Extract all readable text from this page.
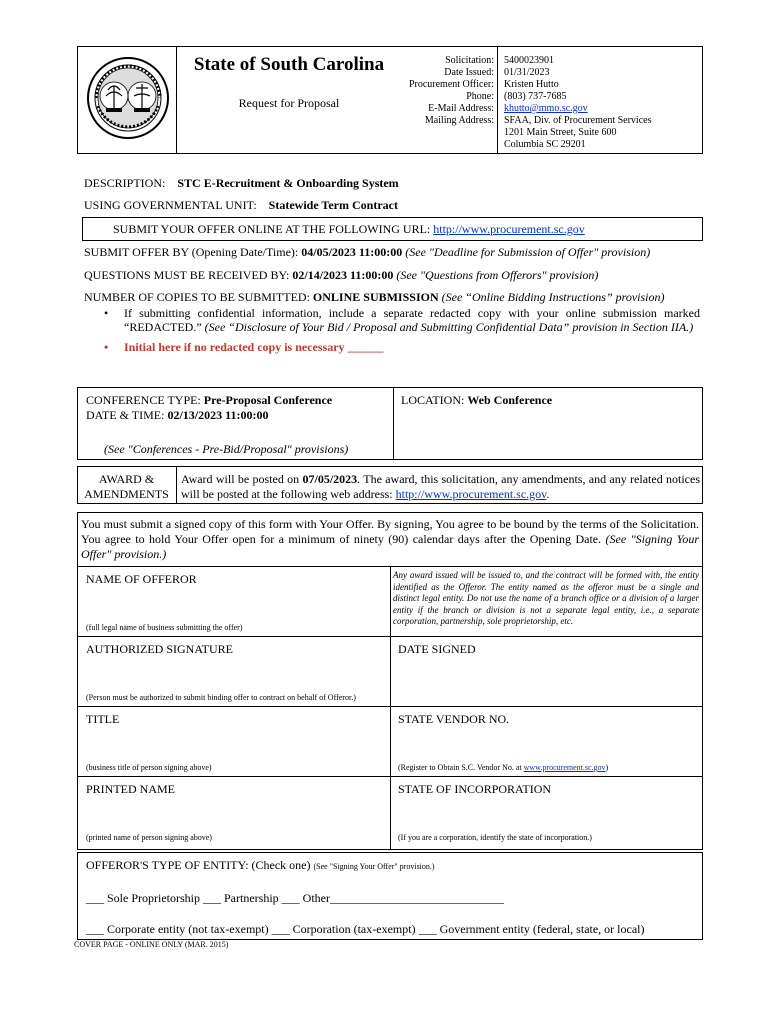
State of South Carolina
Request for Proposal
Solicitation:
Date Issued:
Procurement Officer:
Phone:
E-Mail Address:
Mailing Address:
5400023901
01/31/2023
Kristen Hutto
(803) 737-7685
khutto@mmo.sc.gov
SFAA, Div. of Procurement Services
1201 Main Street, Suite 600
Columbia SC 29201
DESCRIPTION: STC E-Recruitment & Onboarding System
USING GOVERNMENTAL UNIT: Statewide Term Contract
SUBMIT YOUR OFFER ONLINE AT THE FOLLOWING URL: http://www.procurement.sc.gov
SUBMIT OFFER BY (Opening Date/Time): 04/05/2023 11:00:00 (See "Deadline for Submission of Offer" provision)
QUESTIONS MUST BE RECEIVED BY: 02/14/2023 11:00:00 (See "Questions from Offerors" provision)
NUMBER OF COPIES TO BE SUBMITTED: ONLINE SUBMISSION (See “Online Bidding Instructions” provision)
• If submitting confidential information, include a separate redacted copy with your online submission marked “REDACTED.” (See “Disclosure of Your Bid / Proposal and Submitting Confidential Data” provision in Section IIA.)
• Initial here if no redacted copy is necessary ______
CONFERENCE TYPE: Pre-Proposal Conference
DATE & TIME: 02/13/2023 11:00:00
(See "Conferences - Pre-Bid/Proposal" provisions)
LOCATION: Web Conference
AWARD &
AMENDMENTS
Award will be posted on 07/05/2023. The award, this solicitation, any amendments, and any related notices will be posted at the following web address: http://www.procurement.sc.gov.
You must submit a signed copy of this form with Your Offer. By signing, You agree to be bound by the terms of the Solicitation. You agree to hold Your Offer open for a minimum of ninety (90) calendar days after the Opening Date. (See "Signing Your Offer" provision.)
NAME OF OFFEROR
(full legal name of business submitting the offer)
Any award issued will be issued to, and the contract will be formed with, the entity identified as the Offeror. The entity named as the offeror must be a single and distinct legal entity. Do not use the name of a branch office or a division of a larger entity if the branch or division is not a separate legal entity, i.e., a separate corporation, partnership, sole proprietorship, etc.
AUTHORIZED SIGNATURE
(Person must be authorized to submit binding offer to contract on behalf of Offeror.)
DATE SIGNED
TITLE
(business title of person signing above)
STATE VENDOR NO.
(Register to Obtain S.C. Vendor No. at www.procurement.sc.gov)
PRINTED NAME
(printed name of person signing above)
STATE OF INCORPORATION
(If you are a corporation, identify the state of incorporation.)
OFFEROR'S TYPE OF ENTITY: (Check one) (See "Signing Your Offer" provision.)
___ Sole Proprietorship ___ Partnership ___ Other_____________________________
___ Corporate entity (not tax-exempt) ___ Corporation (tax-exempt) ___ Government entity (federal, state, or local)
COVER PAGE - ONLINE ONLY (MAR. 2015)
